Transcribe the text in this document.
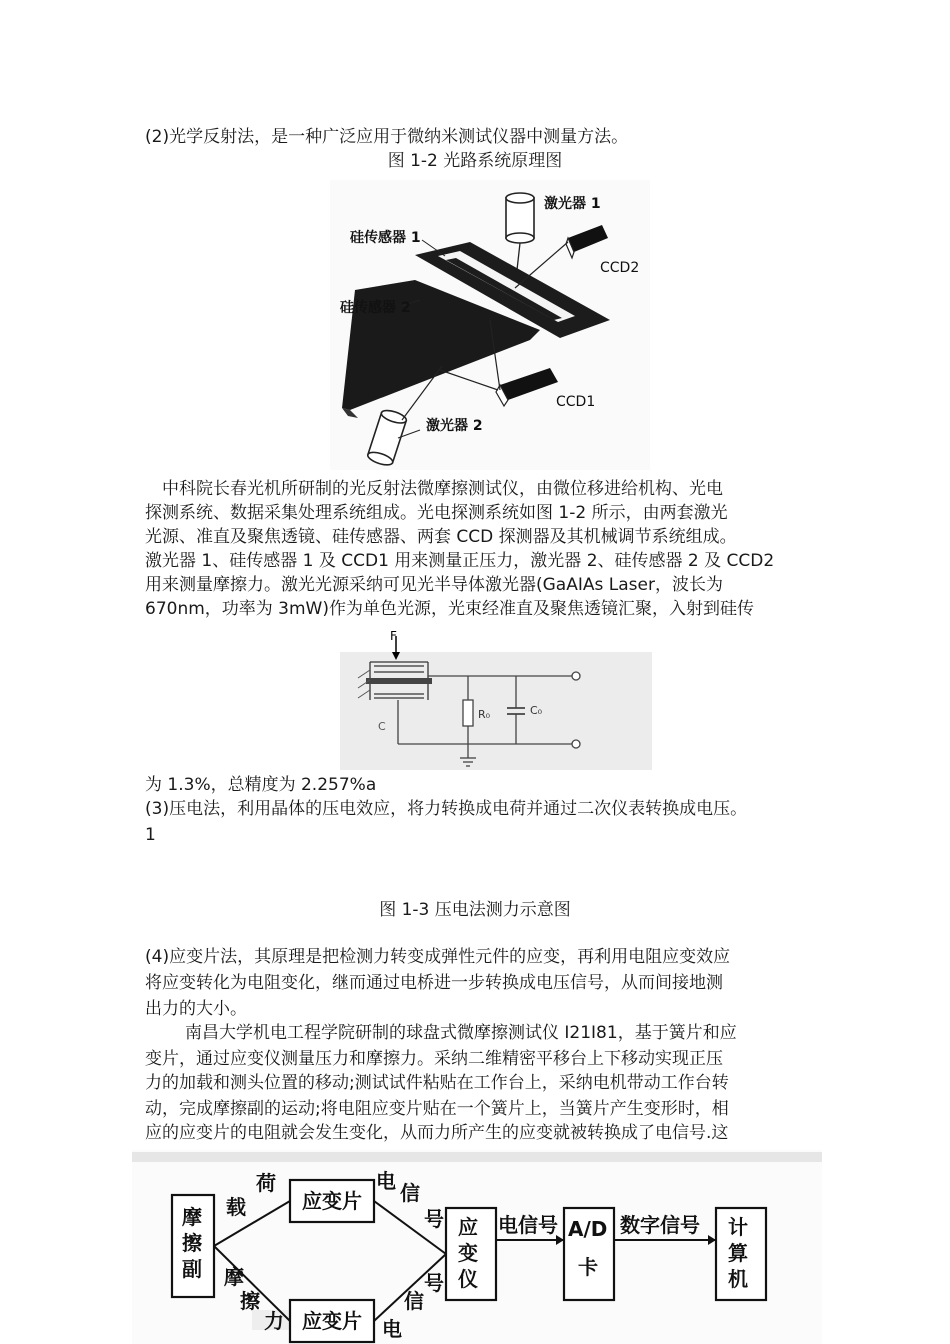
(2)光学反射法，是一种广泛应用于微纳米测试仪器中测量方法。
图 1-2 光路系统原理图
激光器 1
硅传感器 1
CCD2
硅传感器 2
CCD1
激光器 2
中科院长春光机所研制的光反射法微摩擦测试仪，由微位移进给机构、光电
探测系统、数据采集处理系统组成。光电探测系统如图 1-2 所示，由两套激光
光源、准直及聚焦透镜、硅传感器、两套 CCD 探测器及其机械调节系统组成。
激光器 1、硅传感器 1 及 CCD1 用来测量正压力，激光器 2、硅传感器 2 及 CCD2
用来测量摩擦力。激光光源采纳可见光半导体激光器(GaAIAs Laser，波长为
670nm，功率为 3mW)作为单色光源，光束经准直及聚焦透镜汇聚，入射到硅传
F
R₀	C₀
C
为 1.3%，总精度为 2.257%a
(3)压电法，利用晶体的压电效应，将力转换成电荷并通过二次仪表转换成电压。
1
图 1-3 压电法测力示意图
(4)应变片法，其原理是把检测力转变成弹性元件的应变，再利用电阻应变效应
将应变转化为电阻变化，继而通过电桥进一步转换成电压信号，从而间接地测
出力的大小。
南昌大学机电工程学院研制的球盘式微摩擦测试仪 I21I81，基于簧片和应
变片，通过应变仪测量压力和摩擦力。采纳二维精密平移台上下移动实现正压
力的加载和测头位置的移动;测试试件粘贴在工作台上，采纳电机带动工作台转
动，完成摩擦副的运动;将电阻应变片贴在一个簧片上，当簧片产生变形时，相
应的应变片的电阻就会发生变化，从而力所产生的应变就被转换成了电信号.这
摩擦副
载
荷
摩
擦
力
应变片
应变片
电 信
号
号
信
电
电信号 A/D
卡
数字信号
应变仪
计算机
